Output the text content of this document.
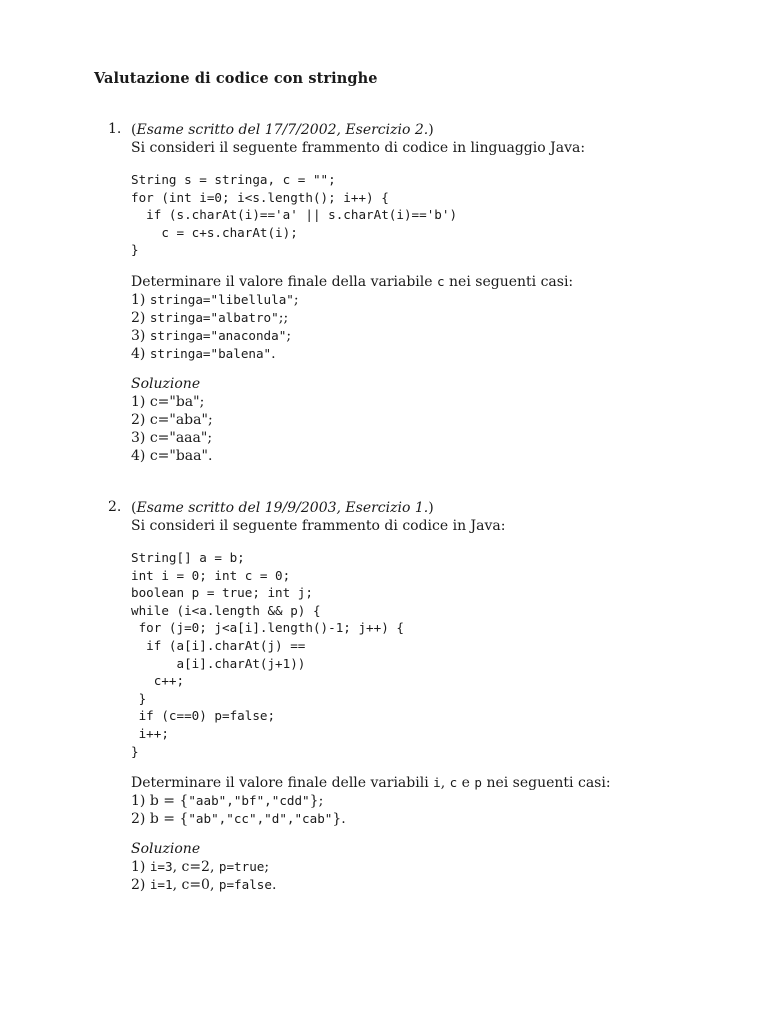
Valutazione di codice con stringhe
1. (Esame scritto del 17/7/2002, Esercizio 2.)
Si consideri il seguente frammento di codice in linguaggio Java:
String s = stringa, c = "";
for (int i=0; i<s.length(); i++) {
if (s.charAt(i)=='a' || s.charAt(i)=='b')
c = c+s.charAt(i);
}
Determinare il valore finale della variabile c nei seguenti casi:
1) stringa="libellula";
2) stringa="albatro";;
3) stringa="anaconda";
4) stringa="balena".
Soluzione
1) c="ba";
2) c="aba";
3) c="aaa";
4) c="baa".
2. (Esame scritto del 19/9/2003, Esercizio 1.)
Si consideri il seguente frammento di codice in Java:
String[] a = b;
int i = 0; int c = 0;
boolean p = true; int j;
while (i<a.length && p) {
for (j=0; j<a[i].length()-1; j++) {
if (a[i].charAt(j) ==
a[i].charAt(j+1))
c++;
}
if (c==0) p=false;
i++;
}
Determinare il valore finale delle variabili i, c e p nei seguenti casi:
1) b = {"aab","bf","cdd"};
2) b = {"ab","cc","d","cab"}.
Soluzione
1) i=3, c=2, p=true;
2) i=1, c=0, p=false.
